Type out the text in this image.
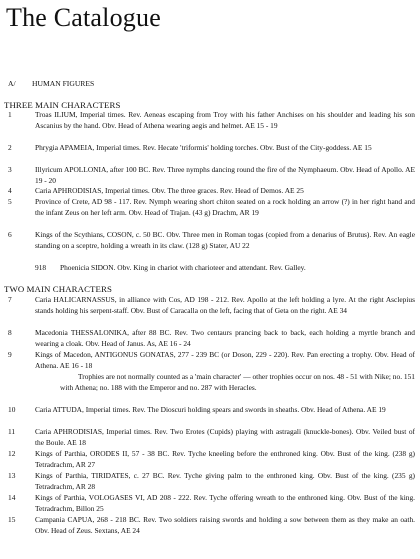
The Catalogue
A/ HUMAN FIGURES
THREE MAIN CHARACTERS
1	Troas ILIUM, Imperial times. Rev. Aeneas escaping from Troy with his father Anchises on his shoulder and leading his son Ascanius by the hand. Obv. Head of Athena wearing aegis and helmet. AE 15 - 19
2	Phrygia APAMEIA, Imperial times. Rev. Hecate 'triformis' holding torches. Obv. Bust of the City-goddess. AE 15
3	Illyricum APOLLONIA, after 100 BC. Rev. Three nymphs dancing round the fire of the Nymphaeum. Obv. Head of Apollo. AE 19 - 20
4	Caria APHRODISIAS, Imperial times. Obv. The three graces. Rev. Head of Demos. AE 25
5	Province of Crete, AD 98 - 117. Rev. Nymph wearing short chiton seated on a rock holding an arrow (?) in her right hand and the infant Zeus on her left arm. Obv. Head of Trajan. (43 g) Drachm, AR 19
6	Kings of the Scythians, COSON, c. 50 BC. Obv. Three men in Roman togas (copied from a denarius of Brutus). Rev. An eagle standing on a sceptre, holding a wreath in its claw. (128 g) Stater, AU 22
918 Phoenicia SIDON. Obv. King in chariot with charioteer and attendant. Rev. Galley.
TWO MAIN CHARACTERS
7	Caria HALICARNASSUS, in alliance with Cos, AD 198 - 212. Rev. Apollo at the left holding a lyre. At the right Asclepius stands holding his serpent-staff. Obv. Bust of Caracalla on the left, facing that of Geta on the right. AE 34
8	Macedonia THESSALONIKA, after 88 BC. Rev. Two centaurs prancing back to back, each holding a myrtle branch and wearing a cloak. Obv. Head of Janus. As, AE 16 - 24
9	Kings of Macedon, ANTIGONUS GONATAS, 277 - 239 BC (or Doson, 229 - 220). Rev. Pan erecting a trophy. Obv. Head of Athena. AE 16 - 18
Trophies are not normally counted as a 'main character' — other trophies occur on nos. 48 - 51 with Nike; no. 151 with Athena; no. 188 with the Emperor and no. 287 with Heracles.
10	Caria ATTUDA, Imperial times. Rev. The Dioscuri holding spears and swords in sheaths. Obv. Head of Athena. AE 19
11	Caria APHRODISIAS, Imperial times. Rev. Two Erotes (Cupids) playing with astragali (knuckle-bones). Obv. Veiled bust of the Boule. AE 18
12	Kings of Parthia, ORODES II, 57 - 38 BC. Rev. Tyche kneeling before the enthroned king. Obv. Bust of the king. (238 g) Tetradrachm, AR 27
13	Kings of Parthia, TIRIDATES, c. 27 BC. Rev. Tyche giving palm to the enthroned king. Obv. Bust of the king. (235 g) Tetradrachm, AR 28
14	Kings of Parthia, VOLOGASES VI, AD 208 - 222. Rev. Tyche offering wreath to the enthroned king. Obv. Bust of the king. Tetradrachm, Billon 25
15	Campania CAPUA, 268 - 218 BC. Rev. Two soldiers raising swords and holding a sow between them as they make an oath. Obv. Head of Zeus. Sextans, AE 24
